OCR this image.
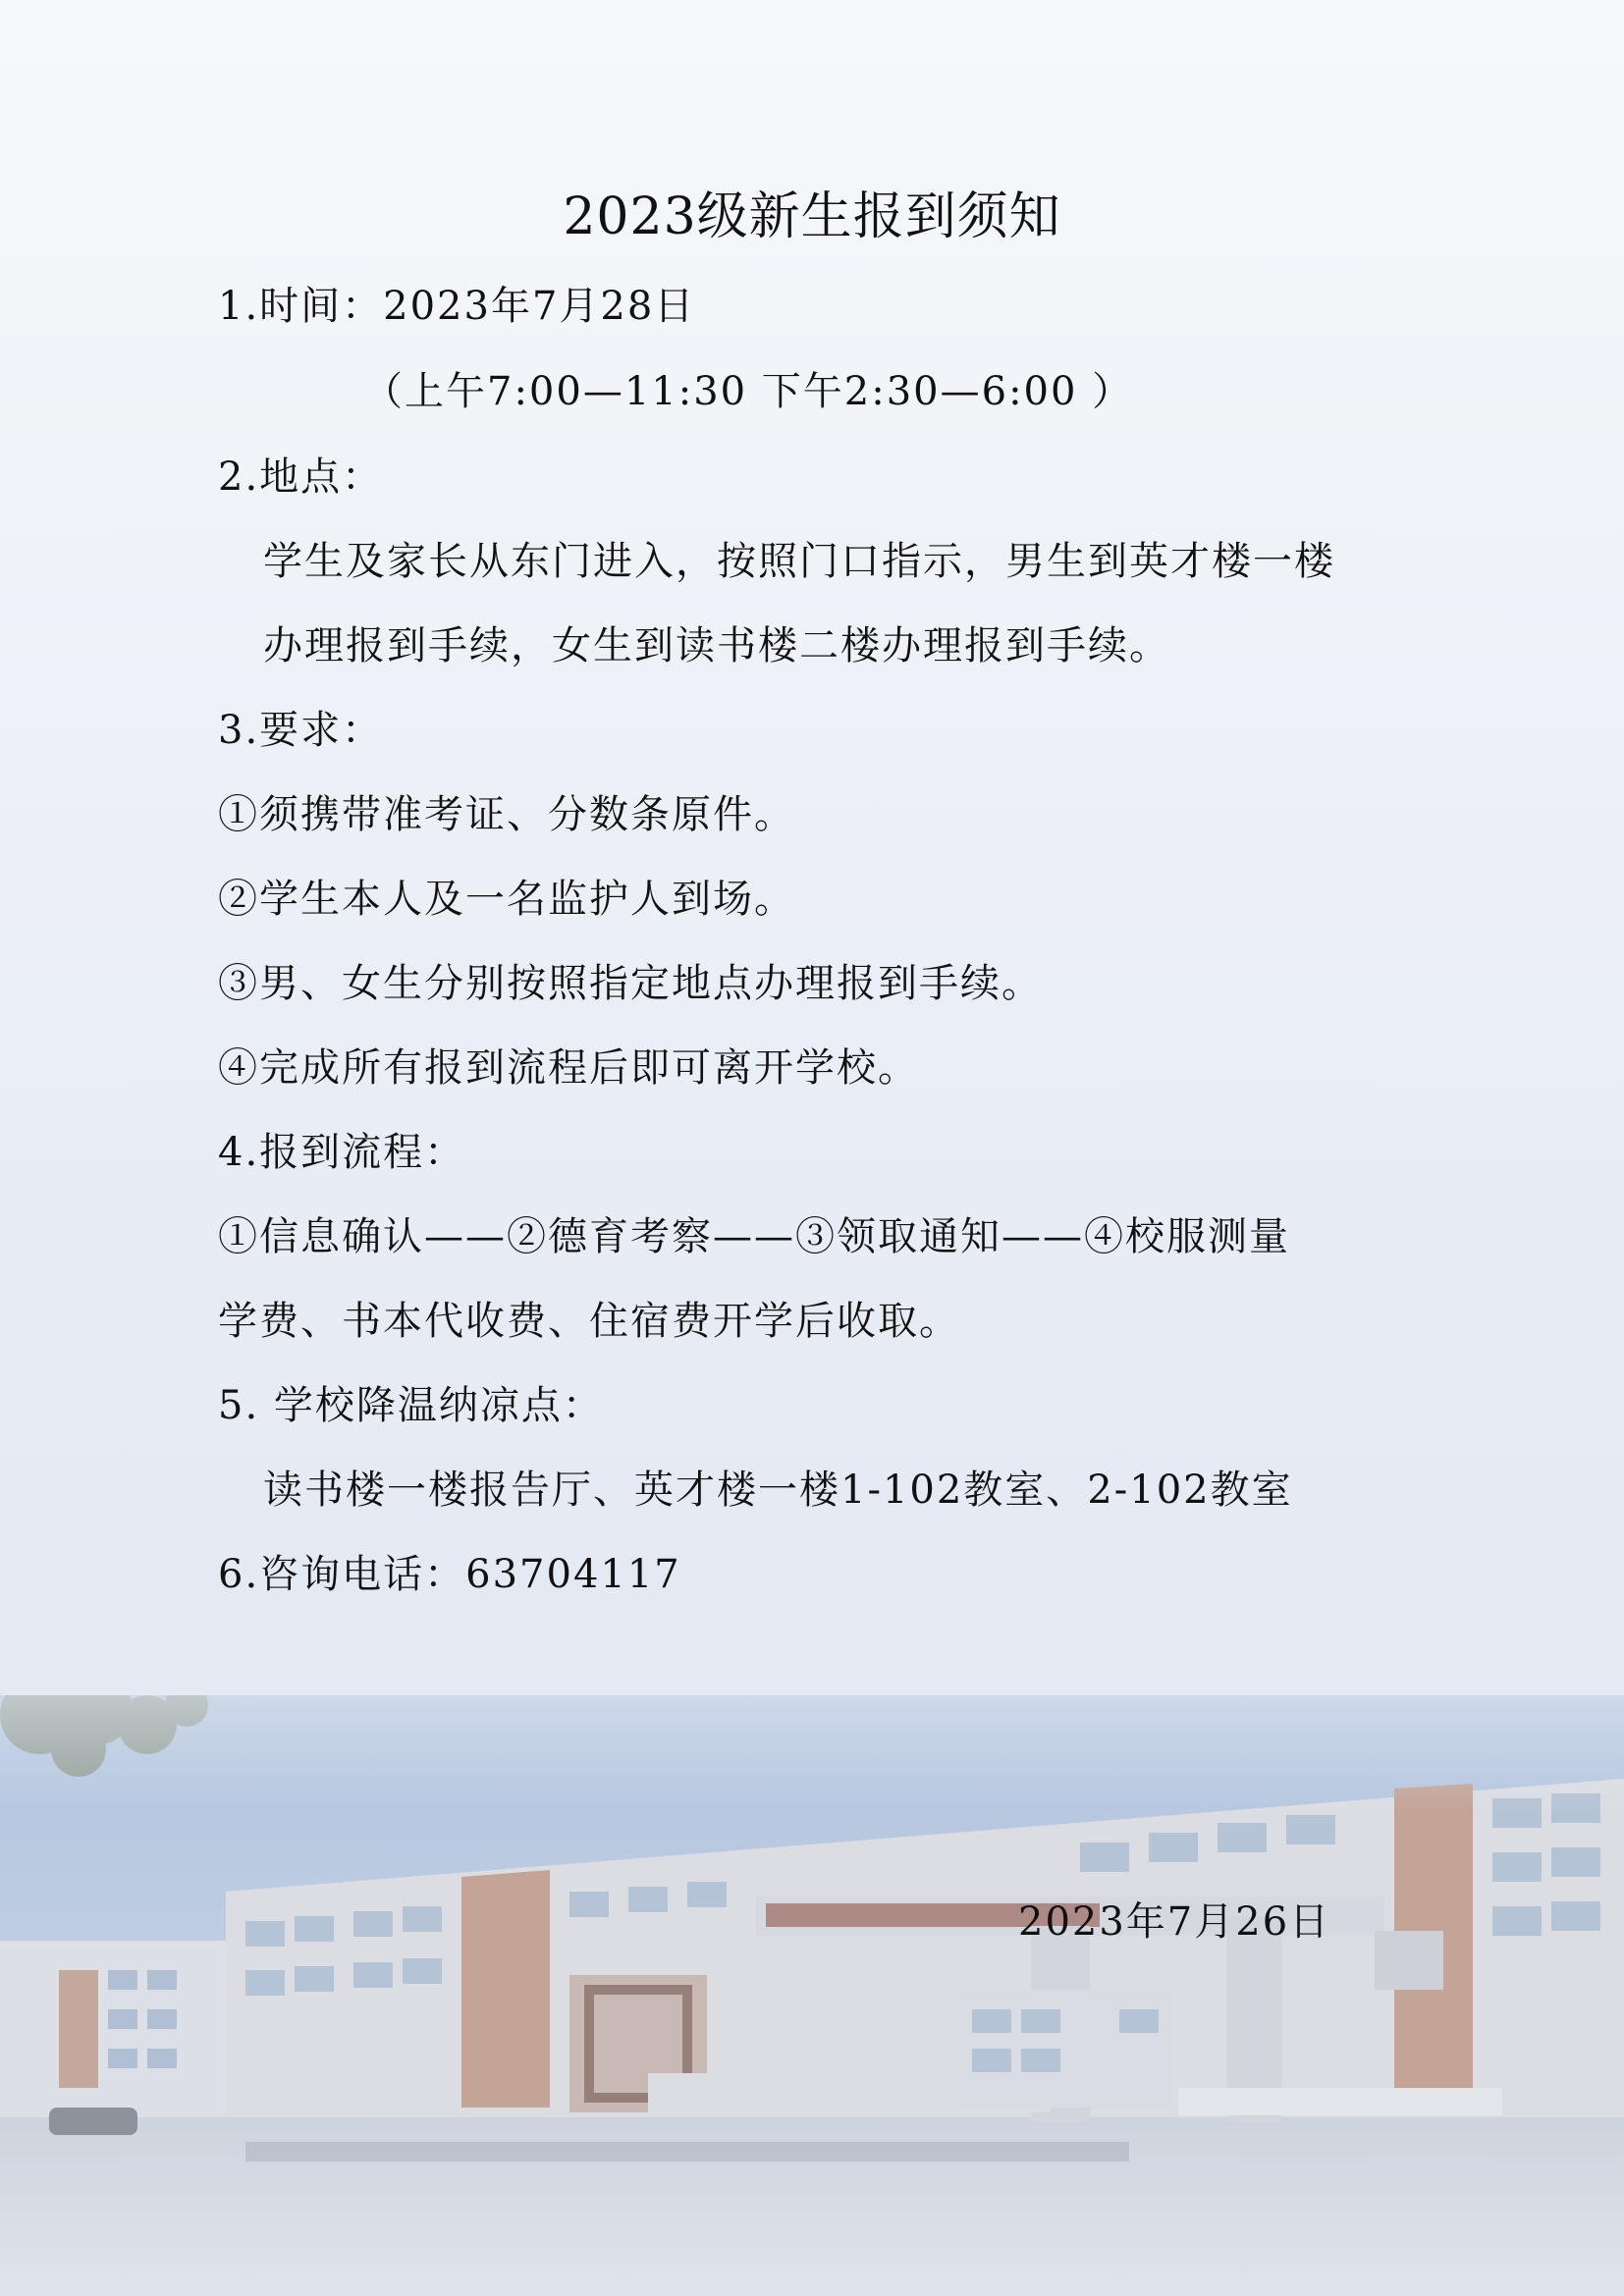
2023级新生报到须知
1.时间：2023年7月28日
（上午7:00—11:30 下午2:30—6:00 ）
2.地点：
学生及家长从东门进入，按照门口指示，男生到英才楼一楼
办理报到手续，女生到读书楼二楼办理报到手续。
3.要求：
①须携带准考证、分数条原件。
②学生本人及一名监护人到场。
③男、女生分别按照指定地点办理报到手续。
④完成所有报到流程后即可离开学校。
4.报到流程：
①信息确认——②德育考察——③领取通知——④校服测量
学费、书本代收费、住宿费开学后收取。
5. 学校降温纳凉点：
读书楼一楼报告厅、英才楼一楼1-102教室、2-102教室
6.咨询电话：63704117
2023年7月26日
